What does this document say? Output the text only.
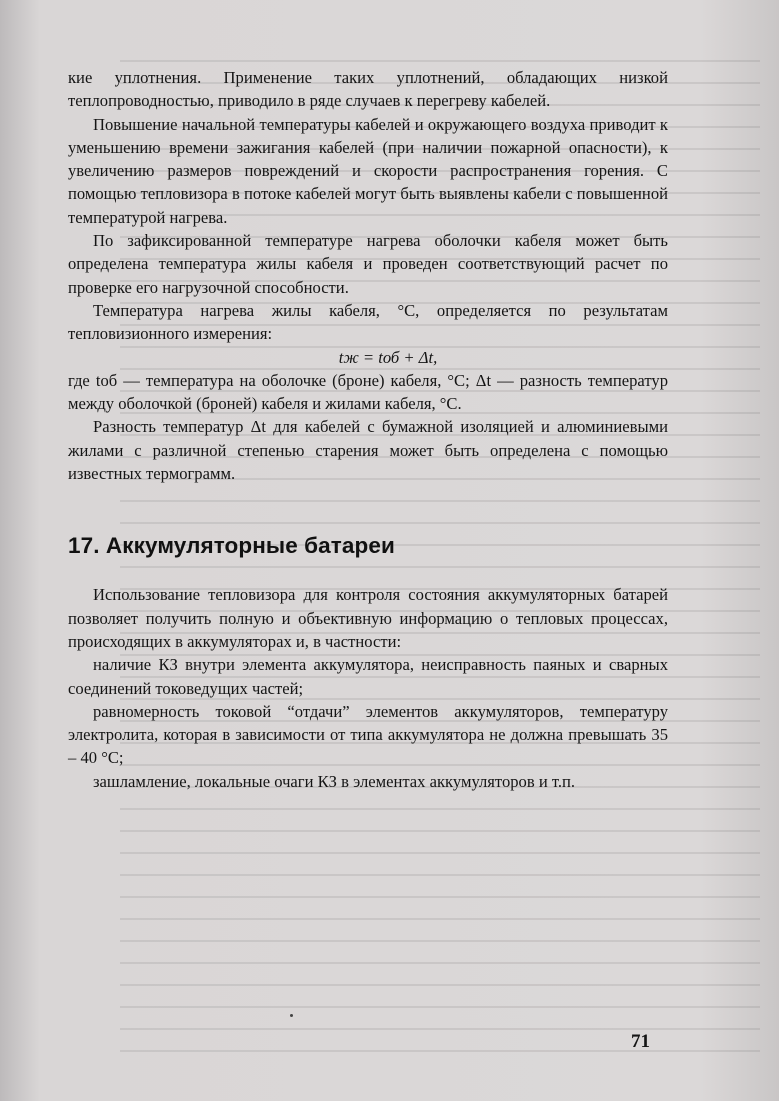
кие уплотнения. Применение таких уплотнений, обладающих низкой теплопроводностью, приводило в ряде случаев к перегреву кабелей.

Повышение начальной температуры кабелей и окружающего воздуха приводит к уменьшению времени зажигания кабелей (при наличии пожарной опасности), к увеличению размеров повреждений и скорости распространения горения. С помощью тепловизора в потоке кабелей могут быть выявлены кабели с повышенной температурой нагрева.

По зафиксированной температуре нагрева оболочки кабеля может быть определена температура жилы кабеля и проведен соответствующий расчет по проверке его нагрузочной способности.

Температура нагрева жилы кабеля, °С, определяется по результатам тепловизионного измерения:

tж = tоб + Δt,

где tоб — температура на оболочке (броне) кабеля, °С; Δt — разность температур между оболочкой (броней) кабеля и жилами кабеля, °С.

Разность температур Δt для кабелей с бумажной изоляцией и алюминиевыми жилами с различной степенью старения может быть определена с помощью известных термограмм.

17. Аккумуляторные батареи

Использование тепловизора для контроля состояния аккумуляторных батарей позволяет получить полную и объективную информацию о тепловых процессах, происходящих в аккумуляторах и, в частности:

наличие КЗ внутри элемента аккумулятора, неисправность паяных и сварных соединений токоведущих частей;

равномерность токовой “отдачи” элементов аккумуляторов, температуру электролита, которая в зависимости от типа аккумулятора не должна превышать 35 – 40 °С;

зашламление, локальные очаги КЗ в элементах аккумуляторов и т.п.

71
